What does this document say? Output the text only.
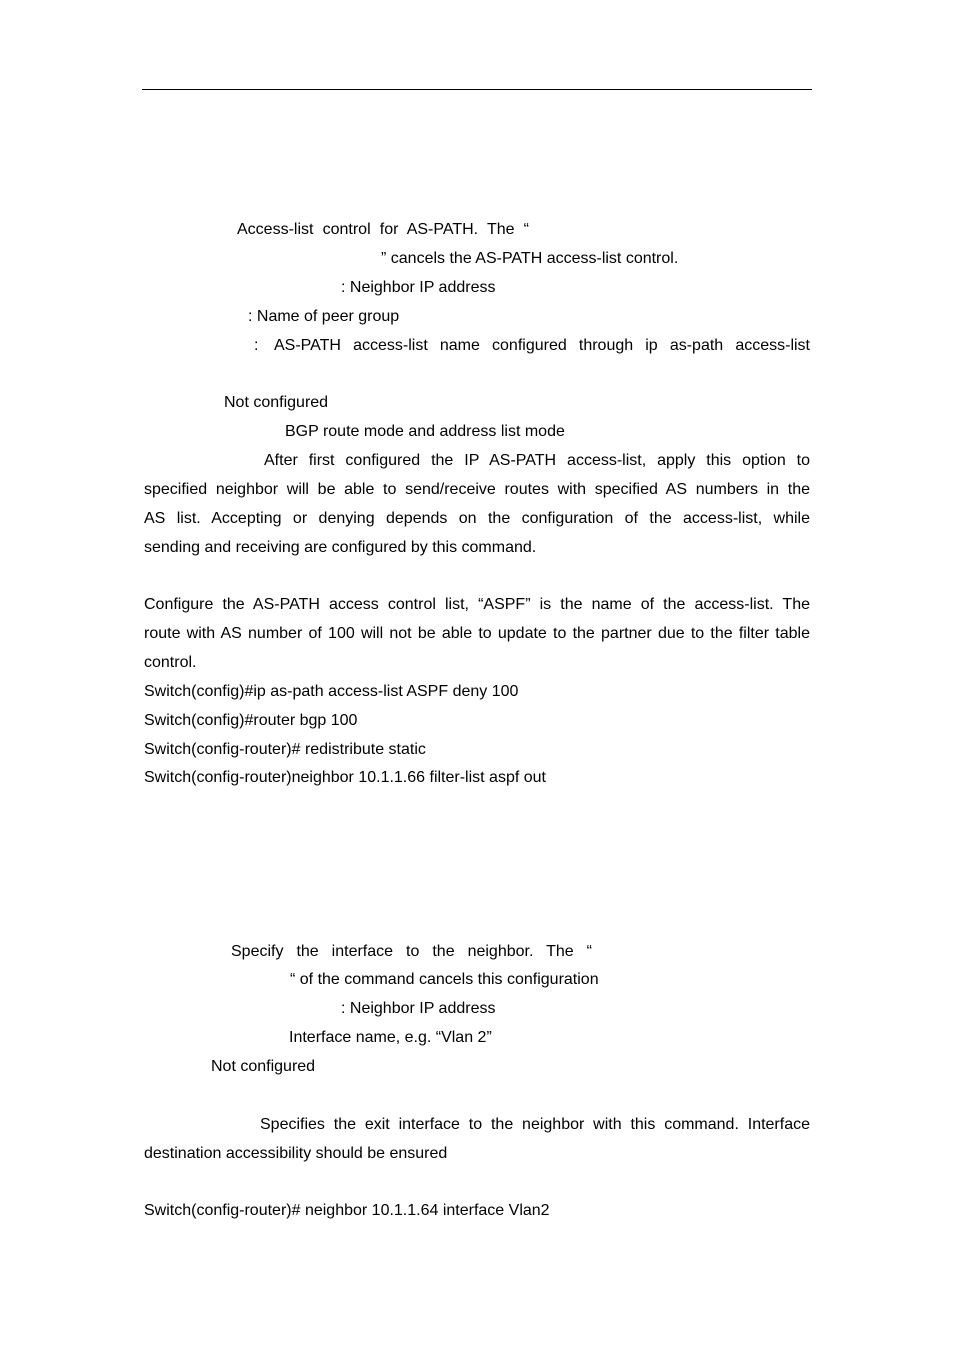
Access-list control for AS-PATH. The “

” cancels the AS-PATH access-list control.

: Neighbor IP address

: Name of peer group

: AS-PATH access-list name configured through ip as-path access-list

Not configured

BGP route mode and address list mode

After first configured the IP AS-PATH access-list, apply this option to

specified neighbor will be able to send/receive routes with specified AS numbers in the

AS list. Accepting or denying depends on the configuration of the access-list, while

sending and receiving are configured by this command.

Configure the AS-PATH access control list, “ASPF” is the name of the access-list. The

route with AS number of 100 will not be able to update to the partner due to the filter table

control.

Switch(config)#ip as-path access-list ASPF deny 100

Switch(config)#router bgp 100

Switch(config-router)# redistribute static

Switch(config-router)neighbor 10.1.1.66 filter-list aspf out

Specify the interface to the neighbor. The “

“ of the command cancels this configuration

: Neighbor IP address

Interface name, e.g. “Vlan 2”

Not configured

Specifies the exit interface to the neighbor with this command. Interface

destination accessibility should be ensured

Switch(config-router)# neighbor 10.1.1.64 interface Vlan2
